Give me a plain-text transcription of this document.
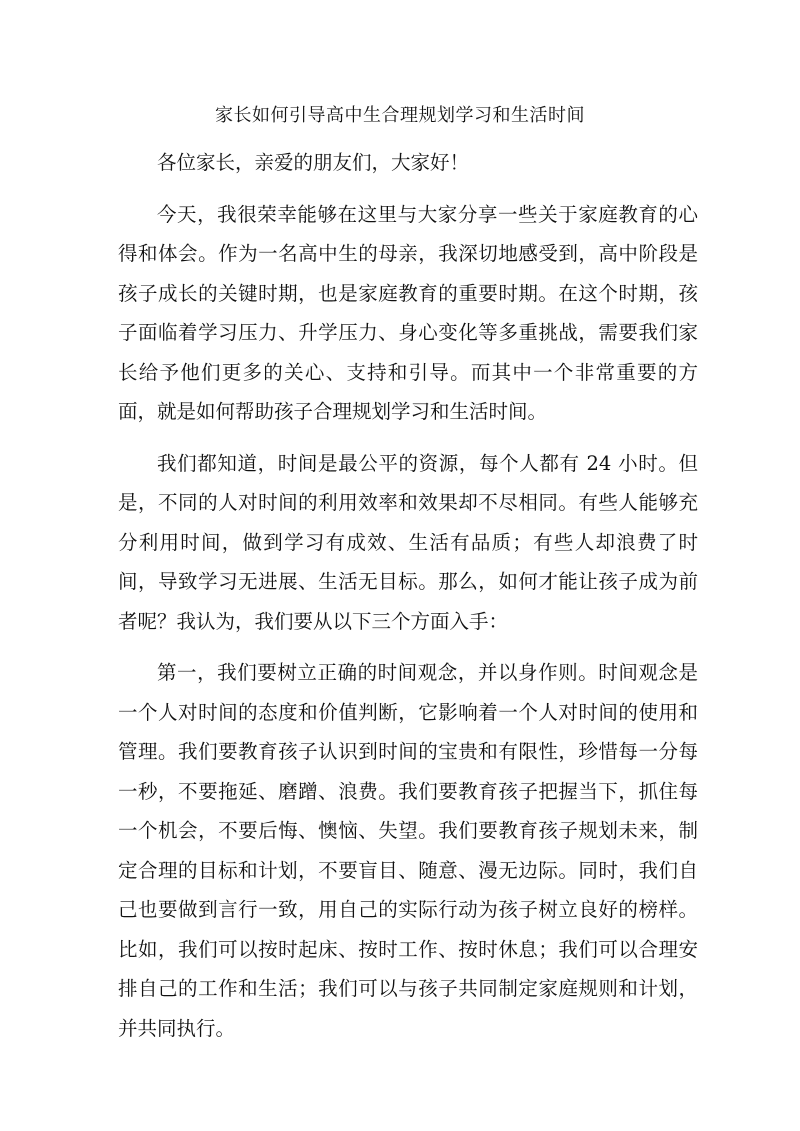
家长如何引导高中生合理规划学习和生活时间

各位家长，亲爱的朋友们，大家好！

今天，我很荣幸能够在这里与大家分享一些关于家庭教育的心得和体会。作为一名高中生的母亲，我深切地感受到，高中阶段是孩子成长的关键时期，也是家庭教育的重要时期。在这个时期，孩子面临着学习压力、升学压力、身心变化等多重挑战，需要我们家长给予他们更多的关心、支持和引导。而其中一个非常重要的方面，就是如何帮助孩子合理规划学习和生活时间。

我们都知道，时间是最公平的资源，每个人都有 24 小时。但是，不同的人对时间的利用效率和效果却不尽相同。有些人能够充分利用时间，做到学习有成效、生活有品质；有些人却浪费了时间，导致学习无进展、生活无目标。那么，如何才能让孩子成为前者呢？我认为，我们要从以下三个方面入手：

第一，我们要树立正确的时间观念，并以身作则。时间观念是一个人对时间的态度和价值判断，它影响着一个人对时间的使用和管理。我们要教育孩子认识到时间的宝贵和有限性，珍惜每一分每一秒，不要拖延、磨蹭、浪费。我们要教育孩子把握当下，抓住每一个机会，不要后悔、懊恼、失望。我们要教育孩子规划未来，制定合理的目标和计划，不要盲目、随意、漫无边际。同时，我们自己也要做到言行一致，用自己的实际行动为孩子树立良好的榜样。比如，我们可以按时起床、按时工作、按时休息；我们可以合理安排自己的工作和生活；我们可以与孩子共同制定家庭规则和计划，并共同执行。
